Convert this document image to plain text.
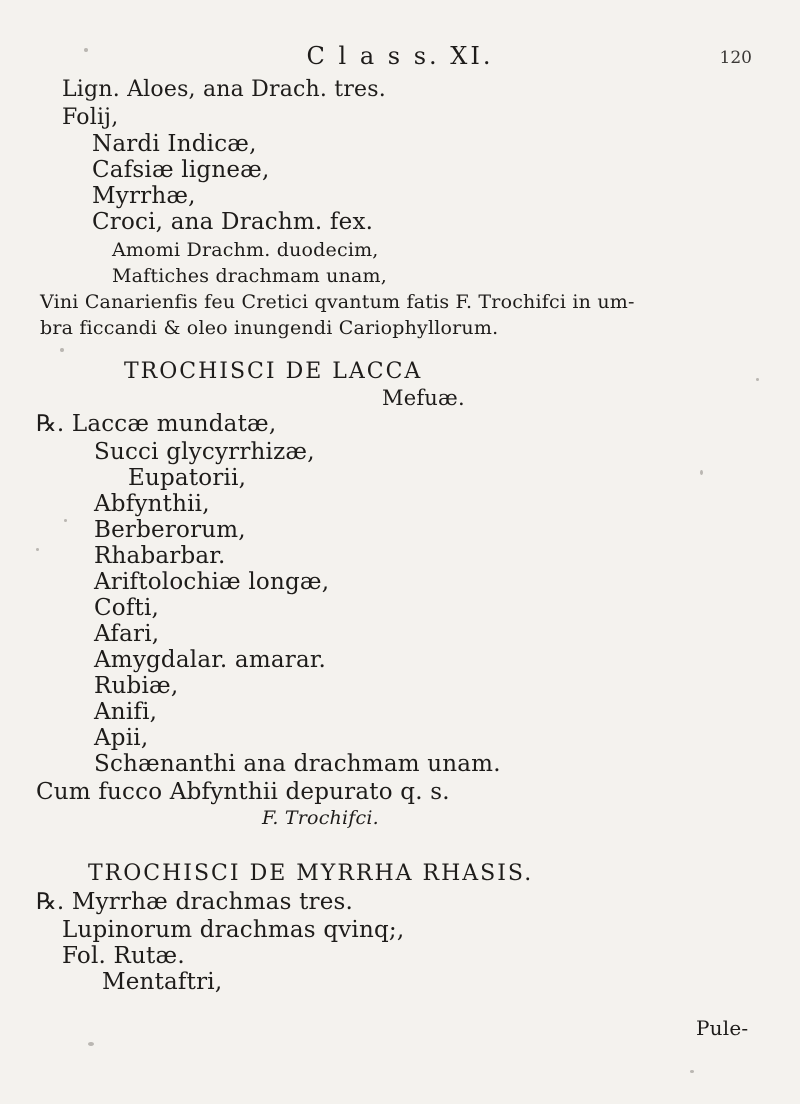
C l a s s. XI.	120
Lign. Aloes, ana Drach. tres.
Folij,
Nardi Indicæ,
Cafsiæ ligneæ,
Myrrhæ,
Croci, ana Drachm. fex.
Amomi Drachm. duodecim,
Maftiches drachmam unam,
Vini Canarienfis feu Cretici qvantum fatis F. Trochifci in um-
bra ficcandi & oleo inungendi Cariophyllorum.
TROCHISCI DE LACCA
Mefuæ.
℞. Laccæ mundatæ,
Succi glycyrrhizæ,
Eupatorii,
Abfynthii,
Berberorum,
Rhabarbar.
Ariftolochiæ longæ,
Cofti,
Afari,
Amygdalar. amarar.
Rubiæ,
Anifi,
Apii,
Schænanthi ana drachmam unam.
Cum fucco Abfynthii depurato q. s.
F. Trochifci.
TROCHISCI DE MYRRHA RHASIS.
℞. Myrrhæ drachmas tres.
Lupinorum drachmas qvinq;,
Fol. Rutæ.
Mentaftri,
Pule-
